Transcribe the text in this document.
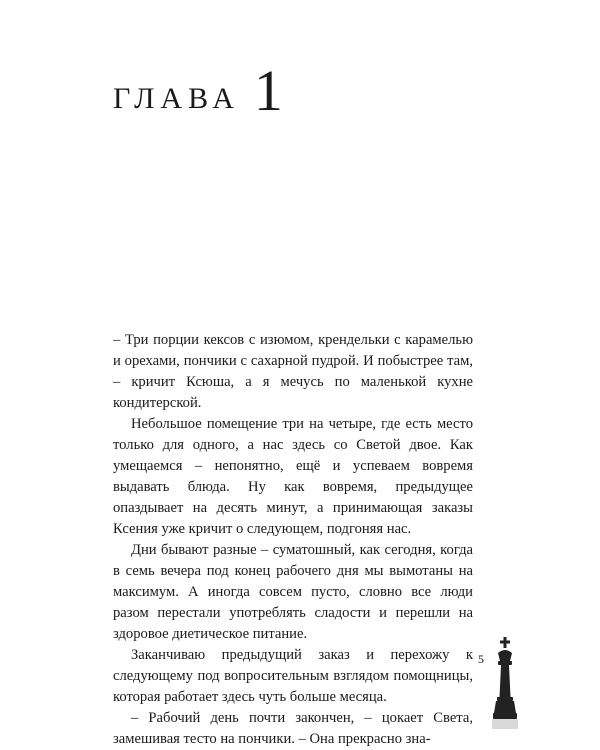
ГЛАВА 1

– Три порции кексов с изюмом, крендельки с карамелью и орехами, пончики с сахарной пудрой. И побыстрее там, – кричит Ксюша, а я мечусь по маленькой кухне кондитерской.

Небольшое помещение три на четыре, где есть место только для одного, а нас здесь со Светой двое. Как умещаемся – непонятно, ещё и успеваем вовремя выдавать блюда. Ну как вовремя, предыдущее опаздывает на десять минут, а принимающая заказы Ксения уже кричит о следующем, подгоняя нас.

Дни бывают разные – суматошный, как сегодня, когда в семь вечера под конец рабочего дня мы вымотаны на максимум. А иногда совсем пусто, словно все люди разом перестали употреблять сладости и перешли на здоровое диетическое питание.

Заканчиваю предыдущий заказ и перехожу к следующему под вопросительным взглядом помощницы, которая работает здесь чуть больше месяца.

– Рабочий день почти закончен, – цокает Света, замешивая тесто на пончики. – Она прекрасно зна-

5
